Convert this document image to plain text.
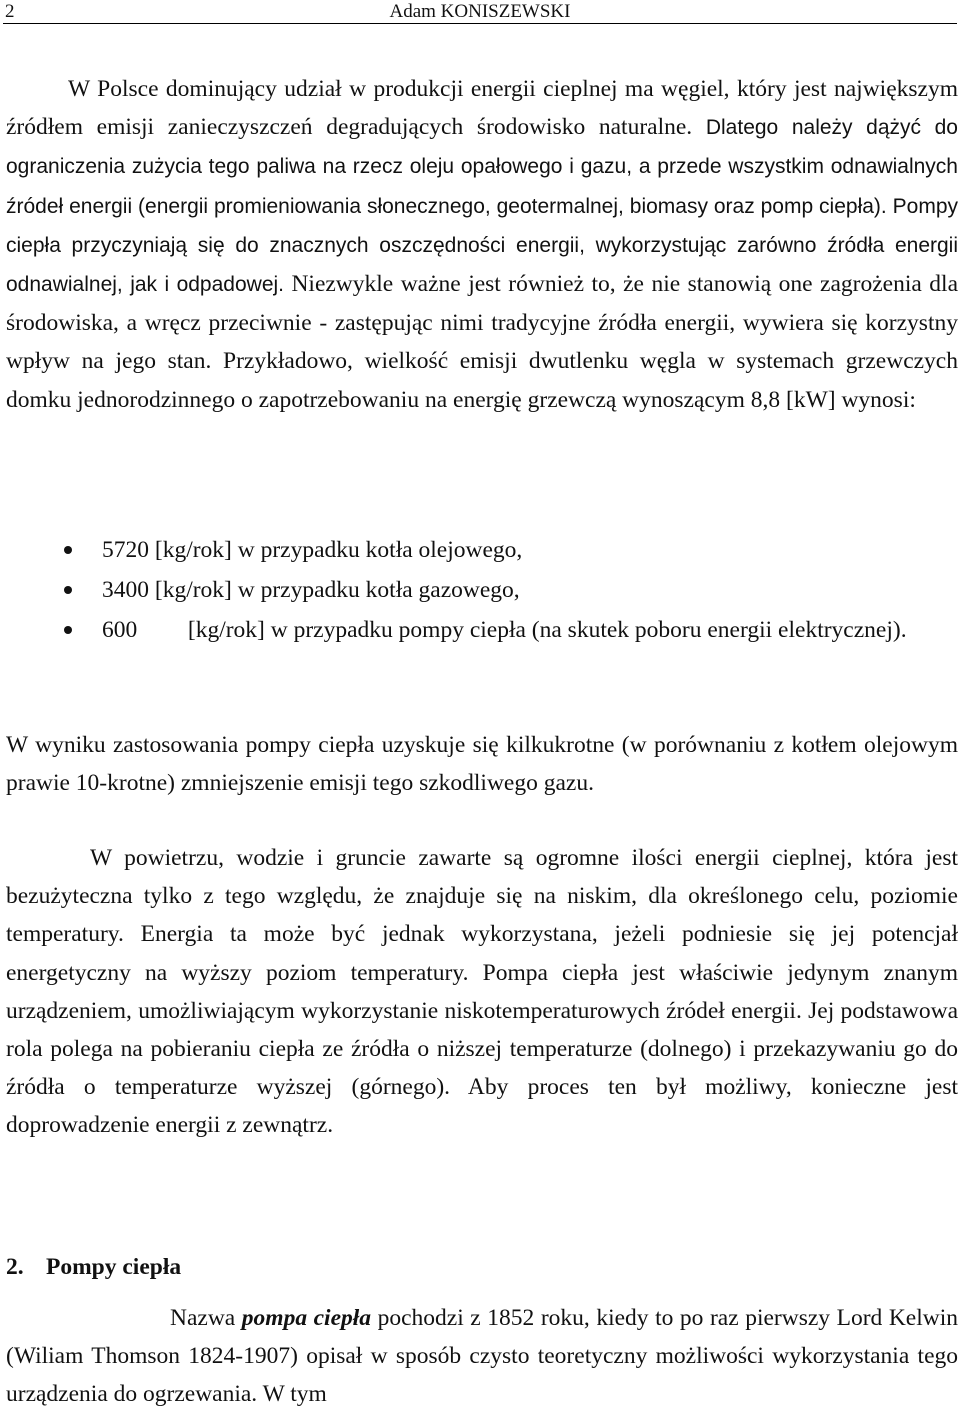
2	Adam KONISZEWSKI

W Polsce dominujący udział w produkcji energii cieplnej ma węgiel, który jest największym źródłem emisji zanieczyszczeń degradujących środowisko naturalne. Dlatego należy dążyć do ograniczenia zużycia tego paliwa na rzecz oleju opałowego i gazu, a przede wszystkim odnawialnych źródeł energii (energii promieniowania słonecznego, geotermalnej, biomasy oraz pomp ciepła). Pompy ciepła przyczyniają się do znacznych oszczędności energii, wykorzystując zarówno źródła energii odnawialnej, jak i odpadowej. Niezwykle ważne jest również to, że nie stanowią one zagrożenia dla środowiska, a wręcz przeciwnie - zastępując nimi tradycyjne źródła energii, wywiera się korzystny wpływ na jego stan. Przykładowo, wielkość emisji dwutlenku węgla w systemach grzewczych domku jednorodzinnego o zapotrzebowaniu na energię grzewczą wynoszącym 8,8 [kW] wynosi:

5720 [kg/rok] w przypadku kotła olejowego,
3400 [kg/rok] w przypadku kotła gazowego,
600 [kg/rok] w przypadku pompy ciepła (na skutek poboru energii elektrycznej).

W wyniku zastosowania pompy ciepła uzyskuje się kilkukrotne (w porównaniu z kotłem olejowym prawie 10-krotne) zmniejszenie emisji tego szkodliwego gazu.

W powietrzu, wodzie i gruncie zawarte są ogromne ilości energii cieplnej, która jest bezużyteczna tylko z tego względu, że znajduje się na niskim, dla określonego celu, poziomie temperatury. Energia ta może być jednak wykorzystana, jeżeli podniesie się jej potencjał energetyczny na wyższy poziom temperatury. Pompa ciepła jest właściwie jedynym znanym urządzeniem, umożliwiającym wykorzystanie niskotemperaturowych źródeł energii. Jej podstawowa rola polega na pobieraniu ciepła ze źródła o niższej temperaturze (dolnego) i przekazywaniu go do źródła o temperaturze wyższej (górnego). Aby proces ten był możliwy, konieczne jest doprowadzenie energii z zewnątrz.

2. Pompy ciepła

Nazwa pompa ciepła pochodzi z 1852 roku, kiedy to po raz pierwszy Lord Kelwin (Wiliam Thomson 1824-1907) opisał w sposób czysto teoretyczny możliwości wykorzystania tego urządzenia do ogrzewania. W tym
